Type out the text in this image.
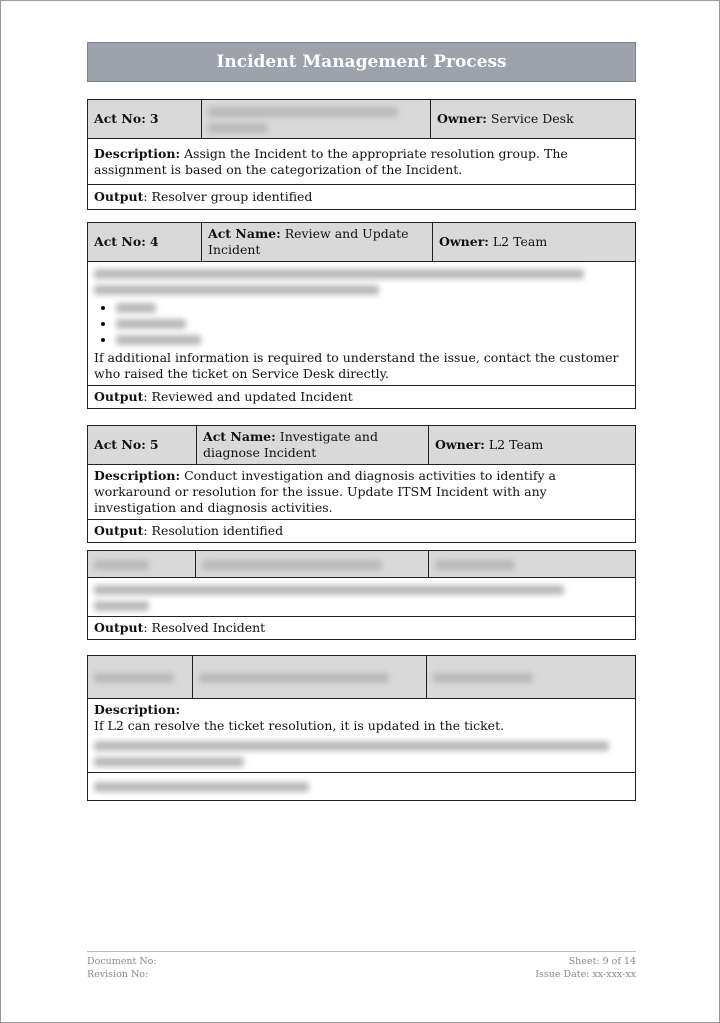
Incident Management Process
Act No: 3		Owner: Service Desk
Description: Assign the Incident to the appropriate resolution group. The assignment is based on the categorization of the Incident.
Output: Resolver group identified
Act No: 4	Act Name: Review and Update Incident	Owner: L2 Team

•
•
•
If additional information is required to understand the issue, contact the customer who raised the ticket on Service Desk directly.

Output: Reviewed and updated Incident
Act No: 5	Act Name: Investigate and diagnose Incident	Owner: L2 Team
Description: Conduct investigation and diagnosis activities to identify a workaround or resolution for the issue. Update ITSM Incident with any investigation and diagnosis activities.
Output: Resolution identified

Output: Resolved Incident

Description:
If L2 can resolve the ticket resolution, it is updated in the ticket.

Document No:
Revision No:
Sheet: 9 of 14
Issue Date: xx-xxx-xx
